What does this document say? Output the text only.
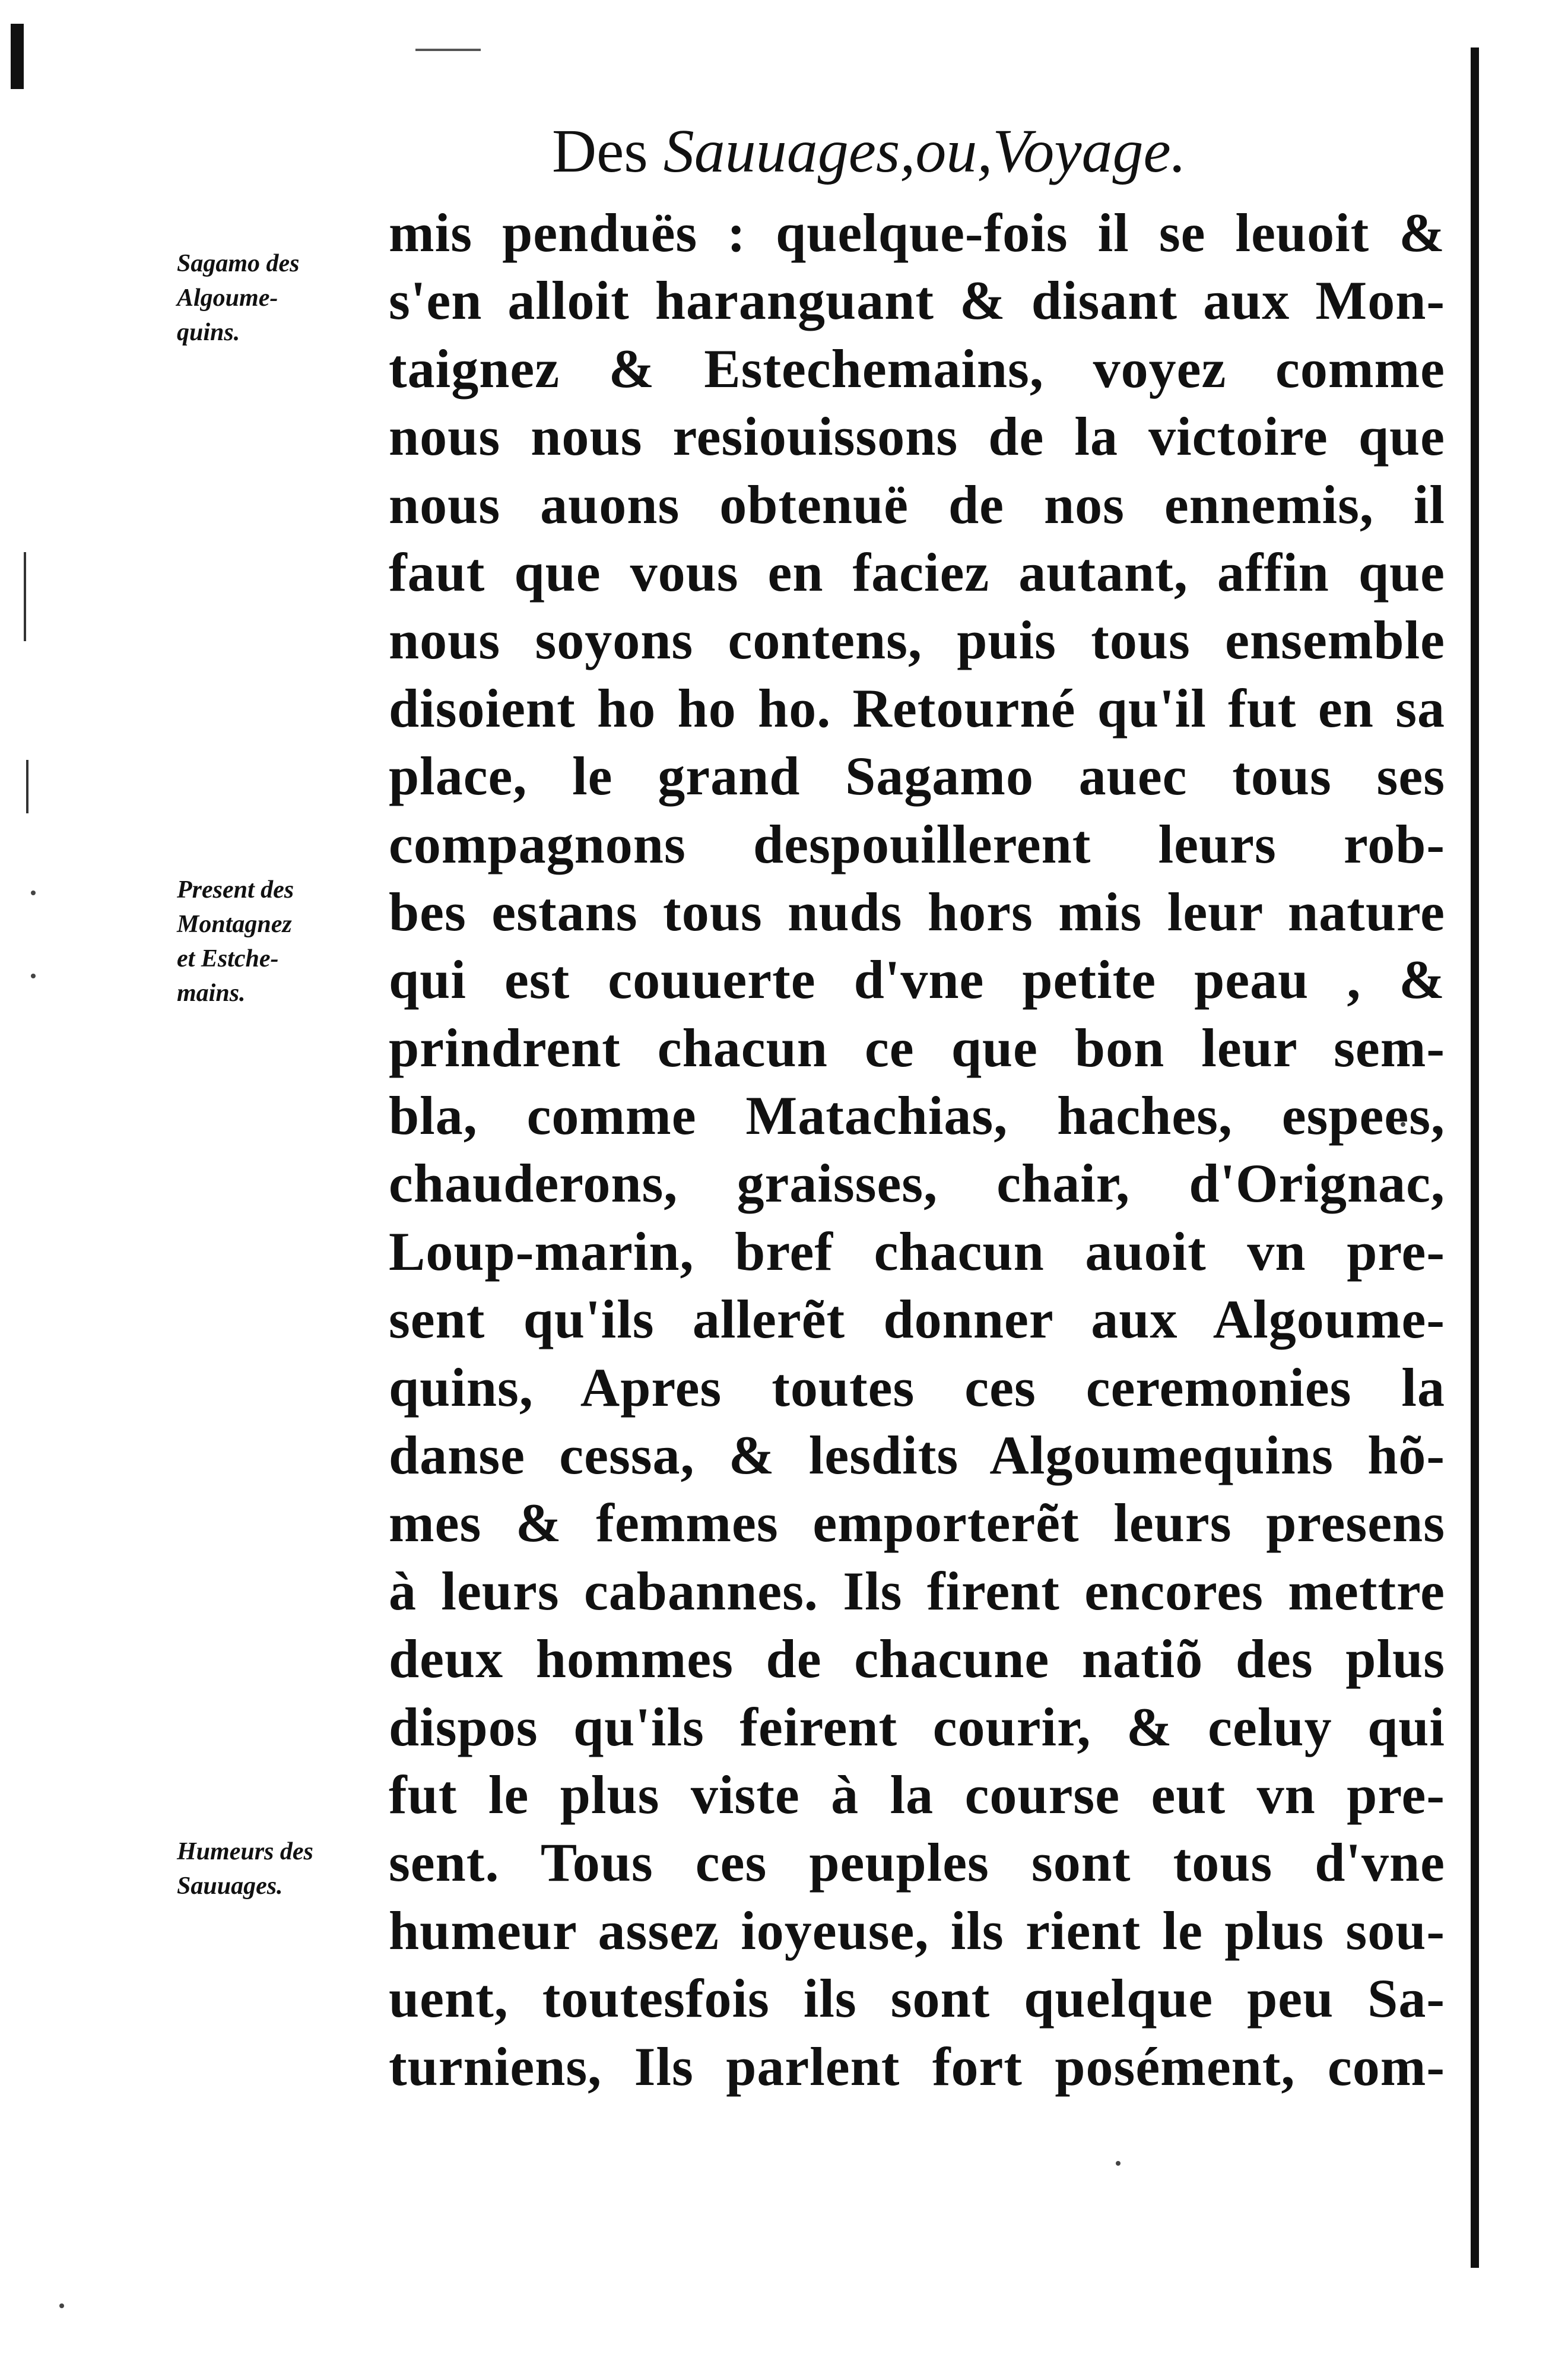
Des Sauuages,ou,Voyage.
Sagamo des
Algoume-
quins.
Present des
Montagnez
et Estche-
mains.
Humeurs des
Sauuages.
mis penduës : quelque-fois il se leuoit &
s'en alloit haranguant & disant aux Mon-
taignez & Estechemains, voyez comme
nous nous resiouissons de la victoire que
nous auons obtenuë de nos ennemis, il
faut que vous en faciez autant, affin que
nous soyons contens, puis tous ensemble
disoient ho ho ho. Retourné qu'il fut en sa
place, le grand Sagamo auec tous ses
compagnons despouillerent leurs rob-
bes estans tous nuds hors mis leur nature
qui est couuerte d'vne petite peau , &
prindrent chacun ce que bon leur sem-
bla, comme Matachias, haches, espees,
chauderons, graisses, chair, d'Orignac,
Loup-marin, bref chacun auoit vn pre-
sent qu'ils allerẽt donner aux Algoume-
quins, Apres toutes ces ceremonies la
danse cessa, & lesdits Algoumequins hõ-
mes & femmes emporterẽt leurs presens
à leurs cabannes. Ils firent encores mettre
deux hommes de chacune natiõ des plus
dispos qu'ils feirent courir, & celuy qui
fut le plus viste à la course eut vn pre-
sent. Tous ces peuples sont tous d'vne
humeur assez ioyeuse, ils rient le plus sou-
uent, toutesfois ils sont quelque peu Sa-
turniens, Ils parlent fort posément, com-
